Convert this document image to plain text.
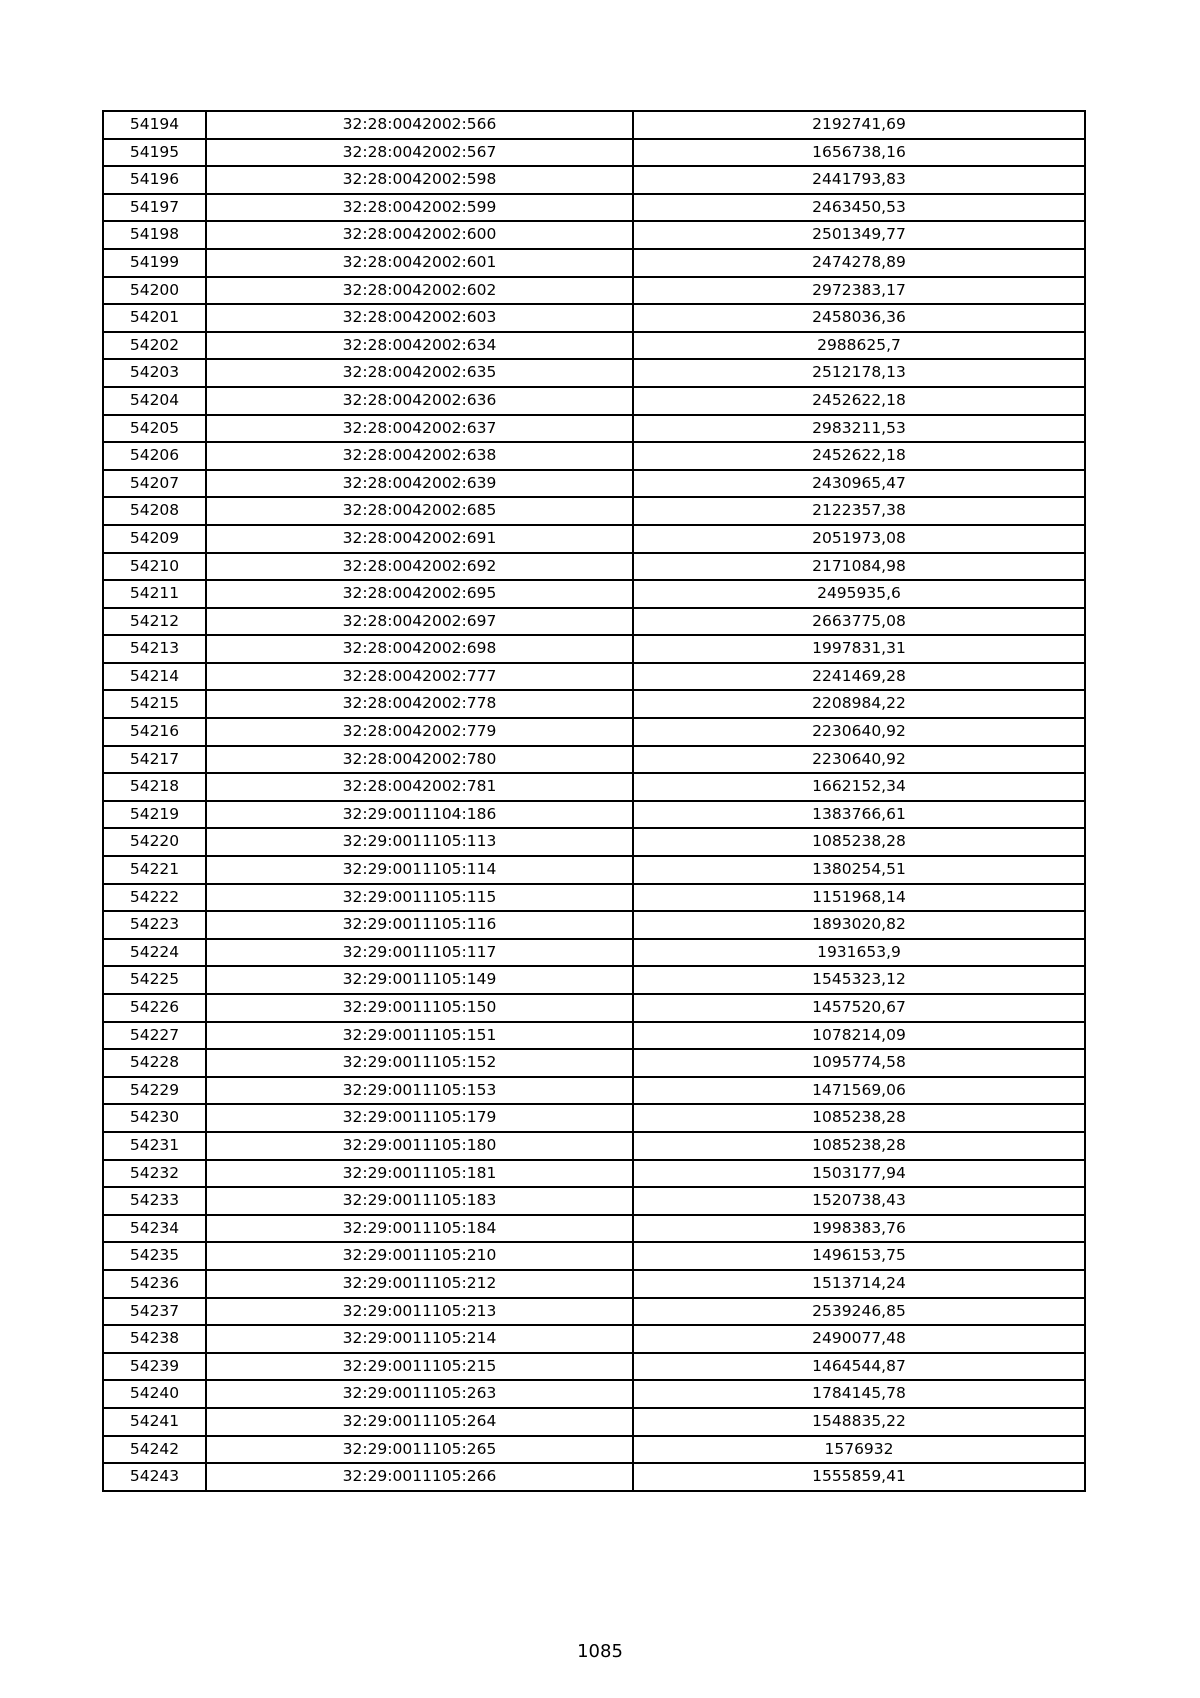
54194	32:28:0042002:566	2192741,69
54195	32:28:0042002:567	1656738,16
54196	32:28:0042002:598	2441793,83
54197	32:28:0042002:599	2463450,53
54198	32:28:0042002:600	2501349,77
54199	32:28:0042002:601	2474278,89
54200	32:28:0042002:602	2972383,17
54201	32:28:0042002:603	2458036,36
54202	32:28:0042002:634	2988625,7
54203	32:28:0042002:635	2512178,13
54204	32:28:0042002:636	2452622,18
54205	32:28:0042002:637	2983211,53
54206	32:28:0042002:638	2452622,18
54207	32:28:0042002:639	2430965,47
54208	32:28:0042002:685	2122357,38
54209	32:28:0042002:691	2051973,08
54210	32:28:0042002:692	2171084,98
54211	32:28:0042002:695	2495935,6
54212	32:28:0042002:697	2663775,08
54213	32:28:0042002:698	1997831,31
54214	32:28:0042002:777	2241469,28
54215	32:28:0042002:778	2208984,22
54216	32:28:0042002:779	2230640,92
54217	32:28:0042002:780	2230640,92
54218	32:28:0042002:781	1662152,34
54219	32:29:0011104:186	1383766,61
54220	32:29:0011105:113	1085238,28
54221	32:29:0011105:114	1380254,51
54222	32:29:0011105:115	1151968,14
54223	32:29:0011105:116	1893020,82
54224	32:29:0011105:117	1931653,9
54225	32:29:0011105:149	1545323,12
54226	32:29:0011105:150	1457520,67
54227	32:29:0011105:151	1078214,09
54228	32:29:0011105:152	1095774,58
54229	32:29:0011105:153	1471569,06
54230	32:29:0011105:179	1085238,28
54231	32:29:0011105:180	1085238,28
54232	32:29:0011105:181	1503177,94
54233	32:29:0011105:183	1520738,43
54234	32:29:0011105:184	1998383,76
54235	32:29:0011105:210	1496153,75
54236	32:29:0011105:212	1513714,24
54237	32:29:0011105:213	2539246,85
54238	32:29:0011105:214	2490077,48
54239	32:29:0011105:215	1464544,87
54240	32:29:0011105:263	1784145,78
54241	32:29:0011105:264	1548835,22
54242	32:29:0011105:265	1576932
54243	32:29:0011105:266	1555859,41
1085
